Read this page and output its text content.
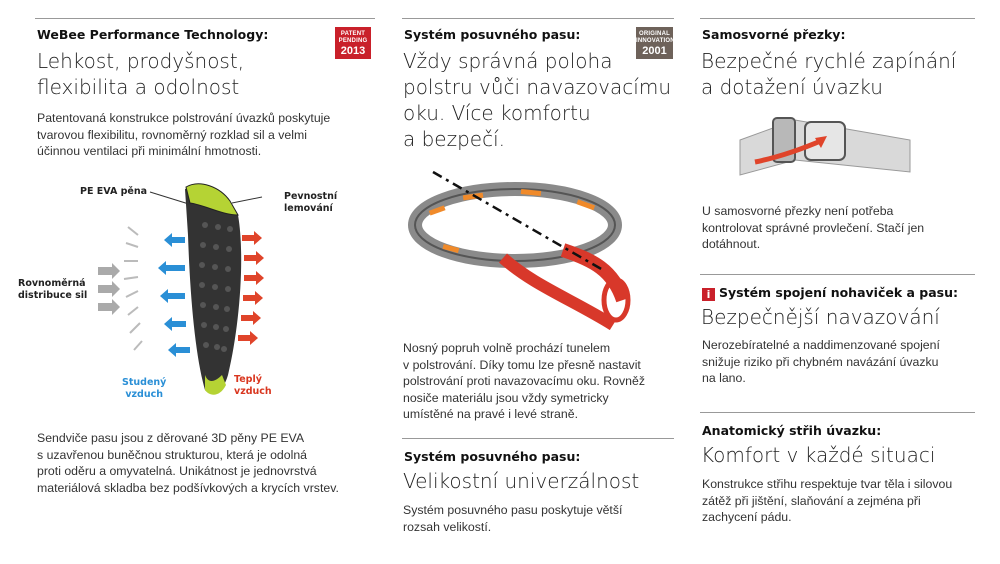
WeBee Performance Technology:	PATENT
PENDING
2013
Lehkost, prodyšnost,
flexibilita a odolnost
Patentovaná konstrukce polstrování úvazků poskytuje
tvarovou flexibilitu, rovnoměrný rozklad sil a velmi
účinnou ventilaci při minimální hmotnosti.
PE EVA pěna	Pevnostní
lemování
Rovnoměrná
distribuce sil
Studený
vzduch
Teplý
vzduch
Sendviče pasu jsou z děrované 3D pěny PE EVA
s uzavřenou buněčnou strukturou, která je odolná
proti oděru a omyvatelná. Unikátnost je jednovrstvá
materiálová skladba bez podšívkových a krycích vrstev.
Systém posuvného pasu:	ORIGINAL
INNOVATION
2001
Vždy správná poloha
polstru vůči navazovacímu
oku. Více komfortu
a bezpečí.
Nosný popruh volně prochází tunelem
v polstrování. Díky tomu lze přesně nastavit
polstrování proti navazovacímu oku. Rovněž
nosiče materiálu jsou vždy symetricky
umístěné na pravé i levé straně.
Systém posuvného pasu:
Velikostní univerzálnost
Systém posuvného pasu poskytuje větší
rozsah velikostí.
Samosvorné přezky:
Bezpečné rychlé zapínání
a dotažení úvazku
U samosvorné přezky není potřeba
kontrolovat správné provlečení. Stačí jen
dotáhnout.
i Systém spojení nohaviček a pasu:
Bezpečnější navazování
Nerozebíratelné a naddimenzované spojení
snižuje riziko při chybném navázání úvazku
na lano.
Anatomický střih úvazku:
Komfort v každé situaci
Konstrukce střihu respektuje tvar těla i silovou
zátěž při jištění, slaňování a zejména při
zachycení pádu.
